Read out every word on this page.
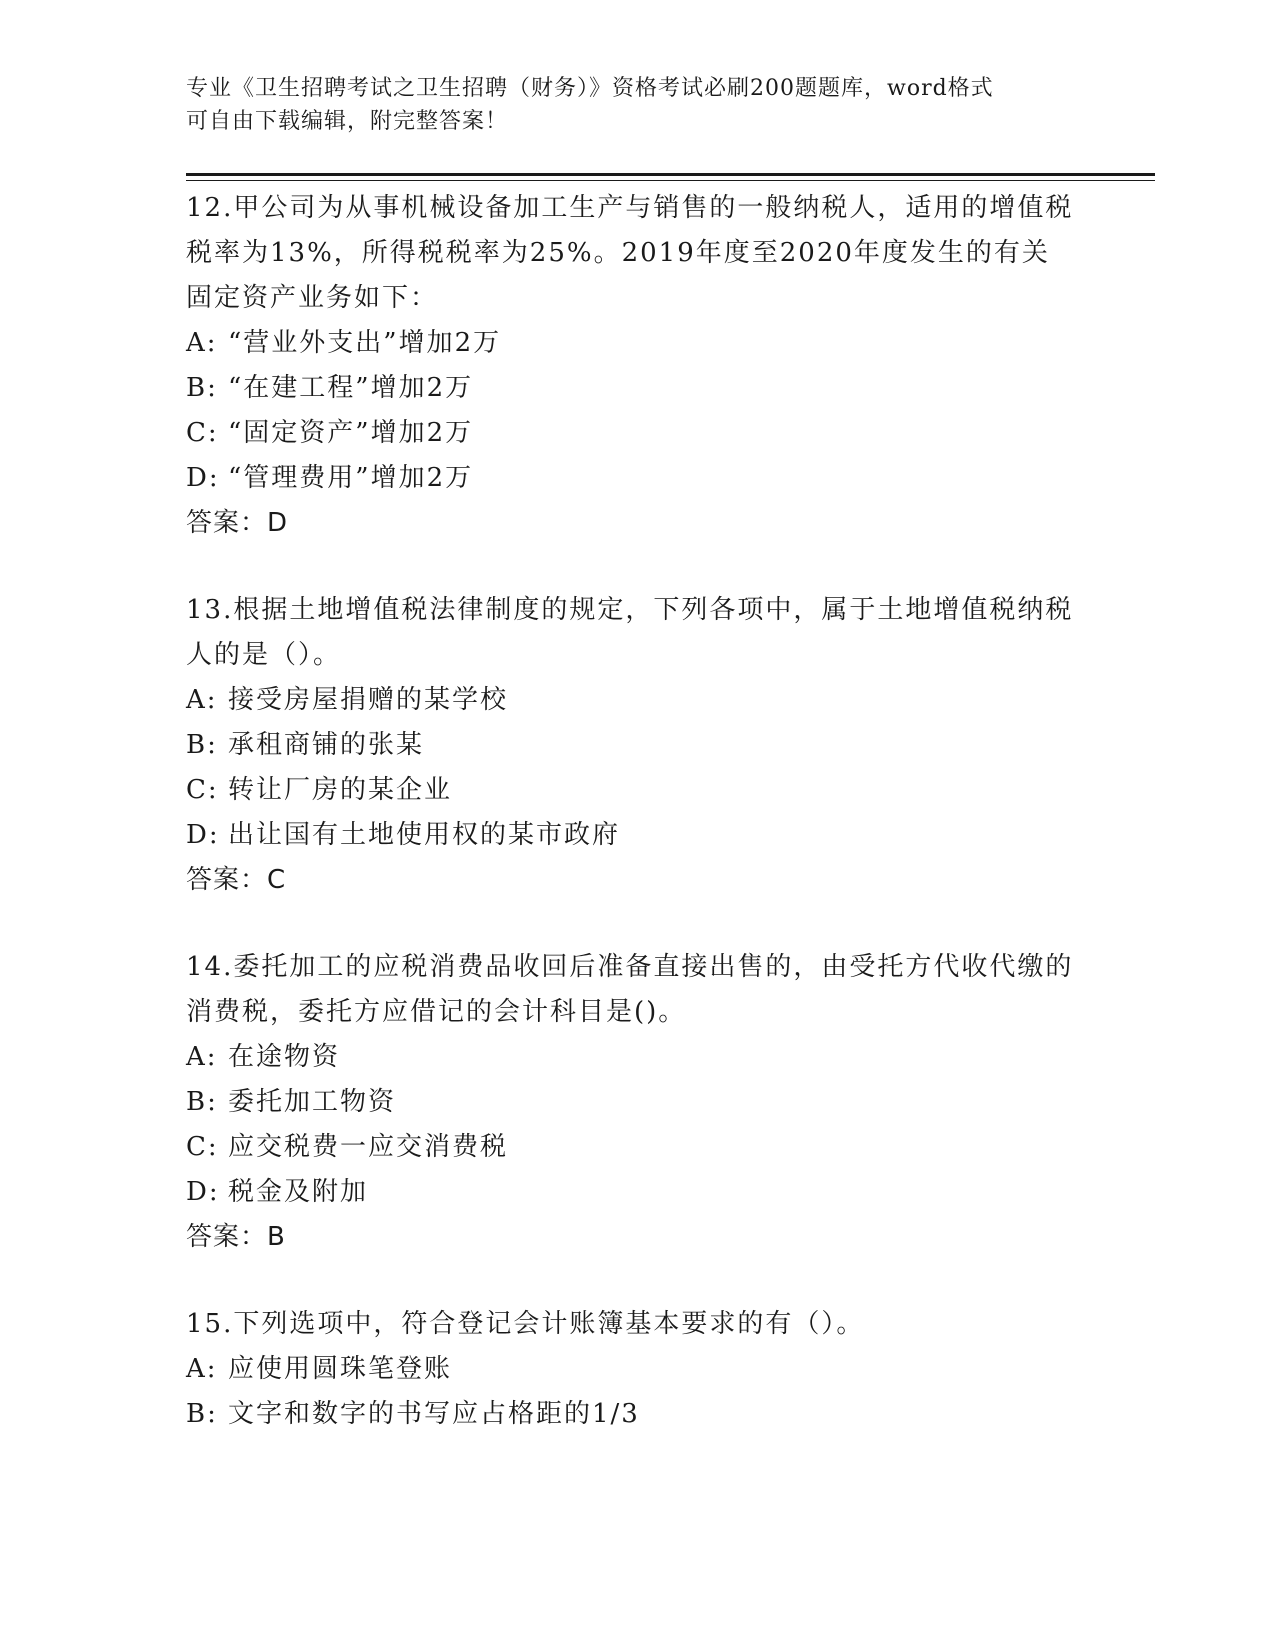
专业《卫生招聘考试之卫生招聘（财务）》资格考试必刷200题题库，word格式
可自由下载编辑，附完整答案！
12.甲公司为从事机械设备加工生产与销售的一般纳税人，适用的增值税税率为13%，所得税税率为25%。2019年度至2020年度发生的有关固定资产业务如下：
A: “营业外支出”增加2万
B: “在建工程”增加2万
C: “固定资产”增加2万
D: “管理费用”增加2万
答案：D
13.根据土地增值税法律制度的规定，下列各项中，属于土地增值税纳税人的是（）。
A: 接受房屋捐赠的某学校
B: 承租商铺的张某
C: 转让厂房的某企业
D: 出让国有土地使用权的某市政府
答案：C
14.委托加工的应税消费品收回后准备直接出售的，由受托方代收代缴的消费税，委托方应借记的会计科目是()。
A: 在途物资
B: 委托加工物资
C: 应交税费一应交消费税
D: 税金及附加
答案：B
15.下列选项中，符合登记会计账簿基本要求的有（）。
A: 应使用圆珠笔登账
B: 文字和数字的书写应占格距的1/3
